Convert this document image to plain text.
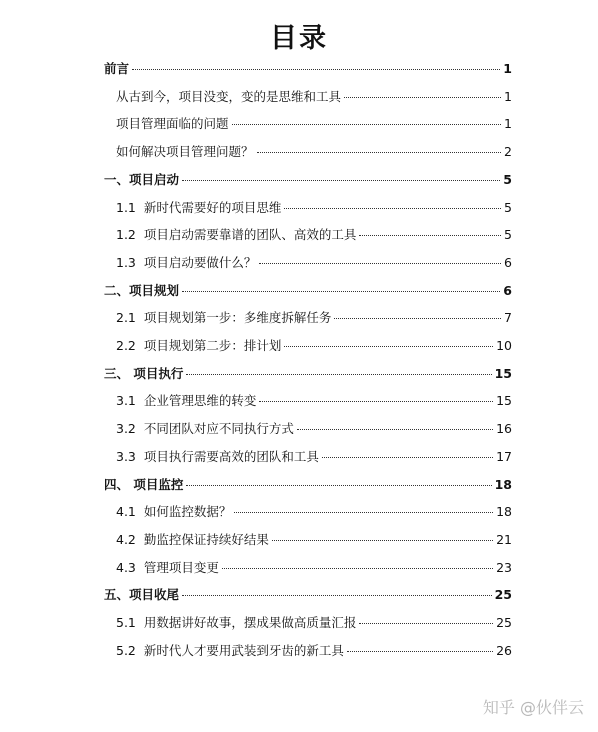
目录
前言	1
从古到今，项目没变，变的是思维和工具	1
项目管理面临的问题	1
如何解决项目管理问题？	2
一、项目启动	5
1.1 新时代需要好的项目思维	5
1.2 项目启动需要靠谱的团队、高效的工具	5
1.3 项目启动要做什么？	6
二、项目规划	6
2.1 项目规划第一步：多维度拆解任务	7
2.2 项目规划第二步：排计划	10
三、 项目执行	15
3.1 企业管理思维的转变	15
3.2 不同团队对应不同执行方式	16
3.3 项目执行需要高效的团队和工具	17
四、 项目监控	18
4.1 如何监控数据？	18
4.2 勤监控保证持续好结果	21
4.3 管理项目变更	23
五、项目收尾	25
5.1 用数据讲好故事，摆成果做高质量汇报	25
5.2 新时代人才要用武装到牙齿的新工具	26
知乎 @伙伴云
